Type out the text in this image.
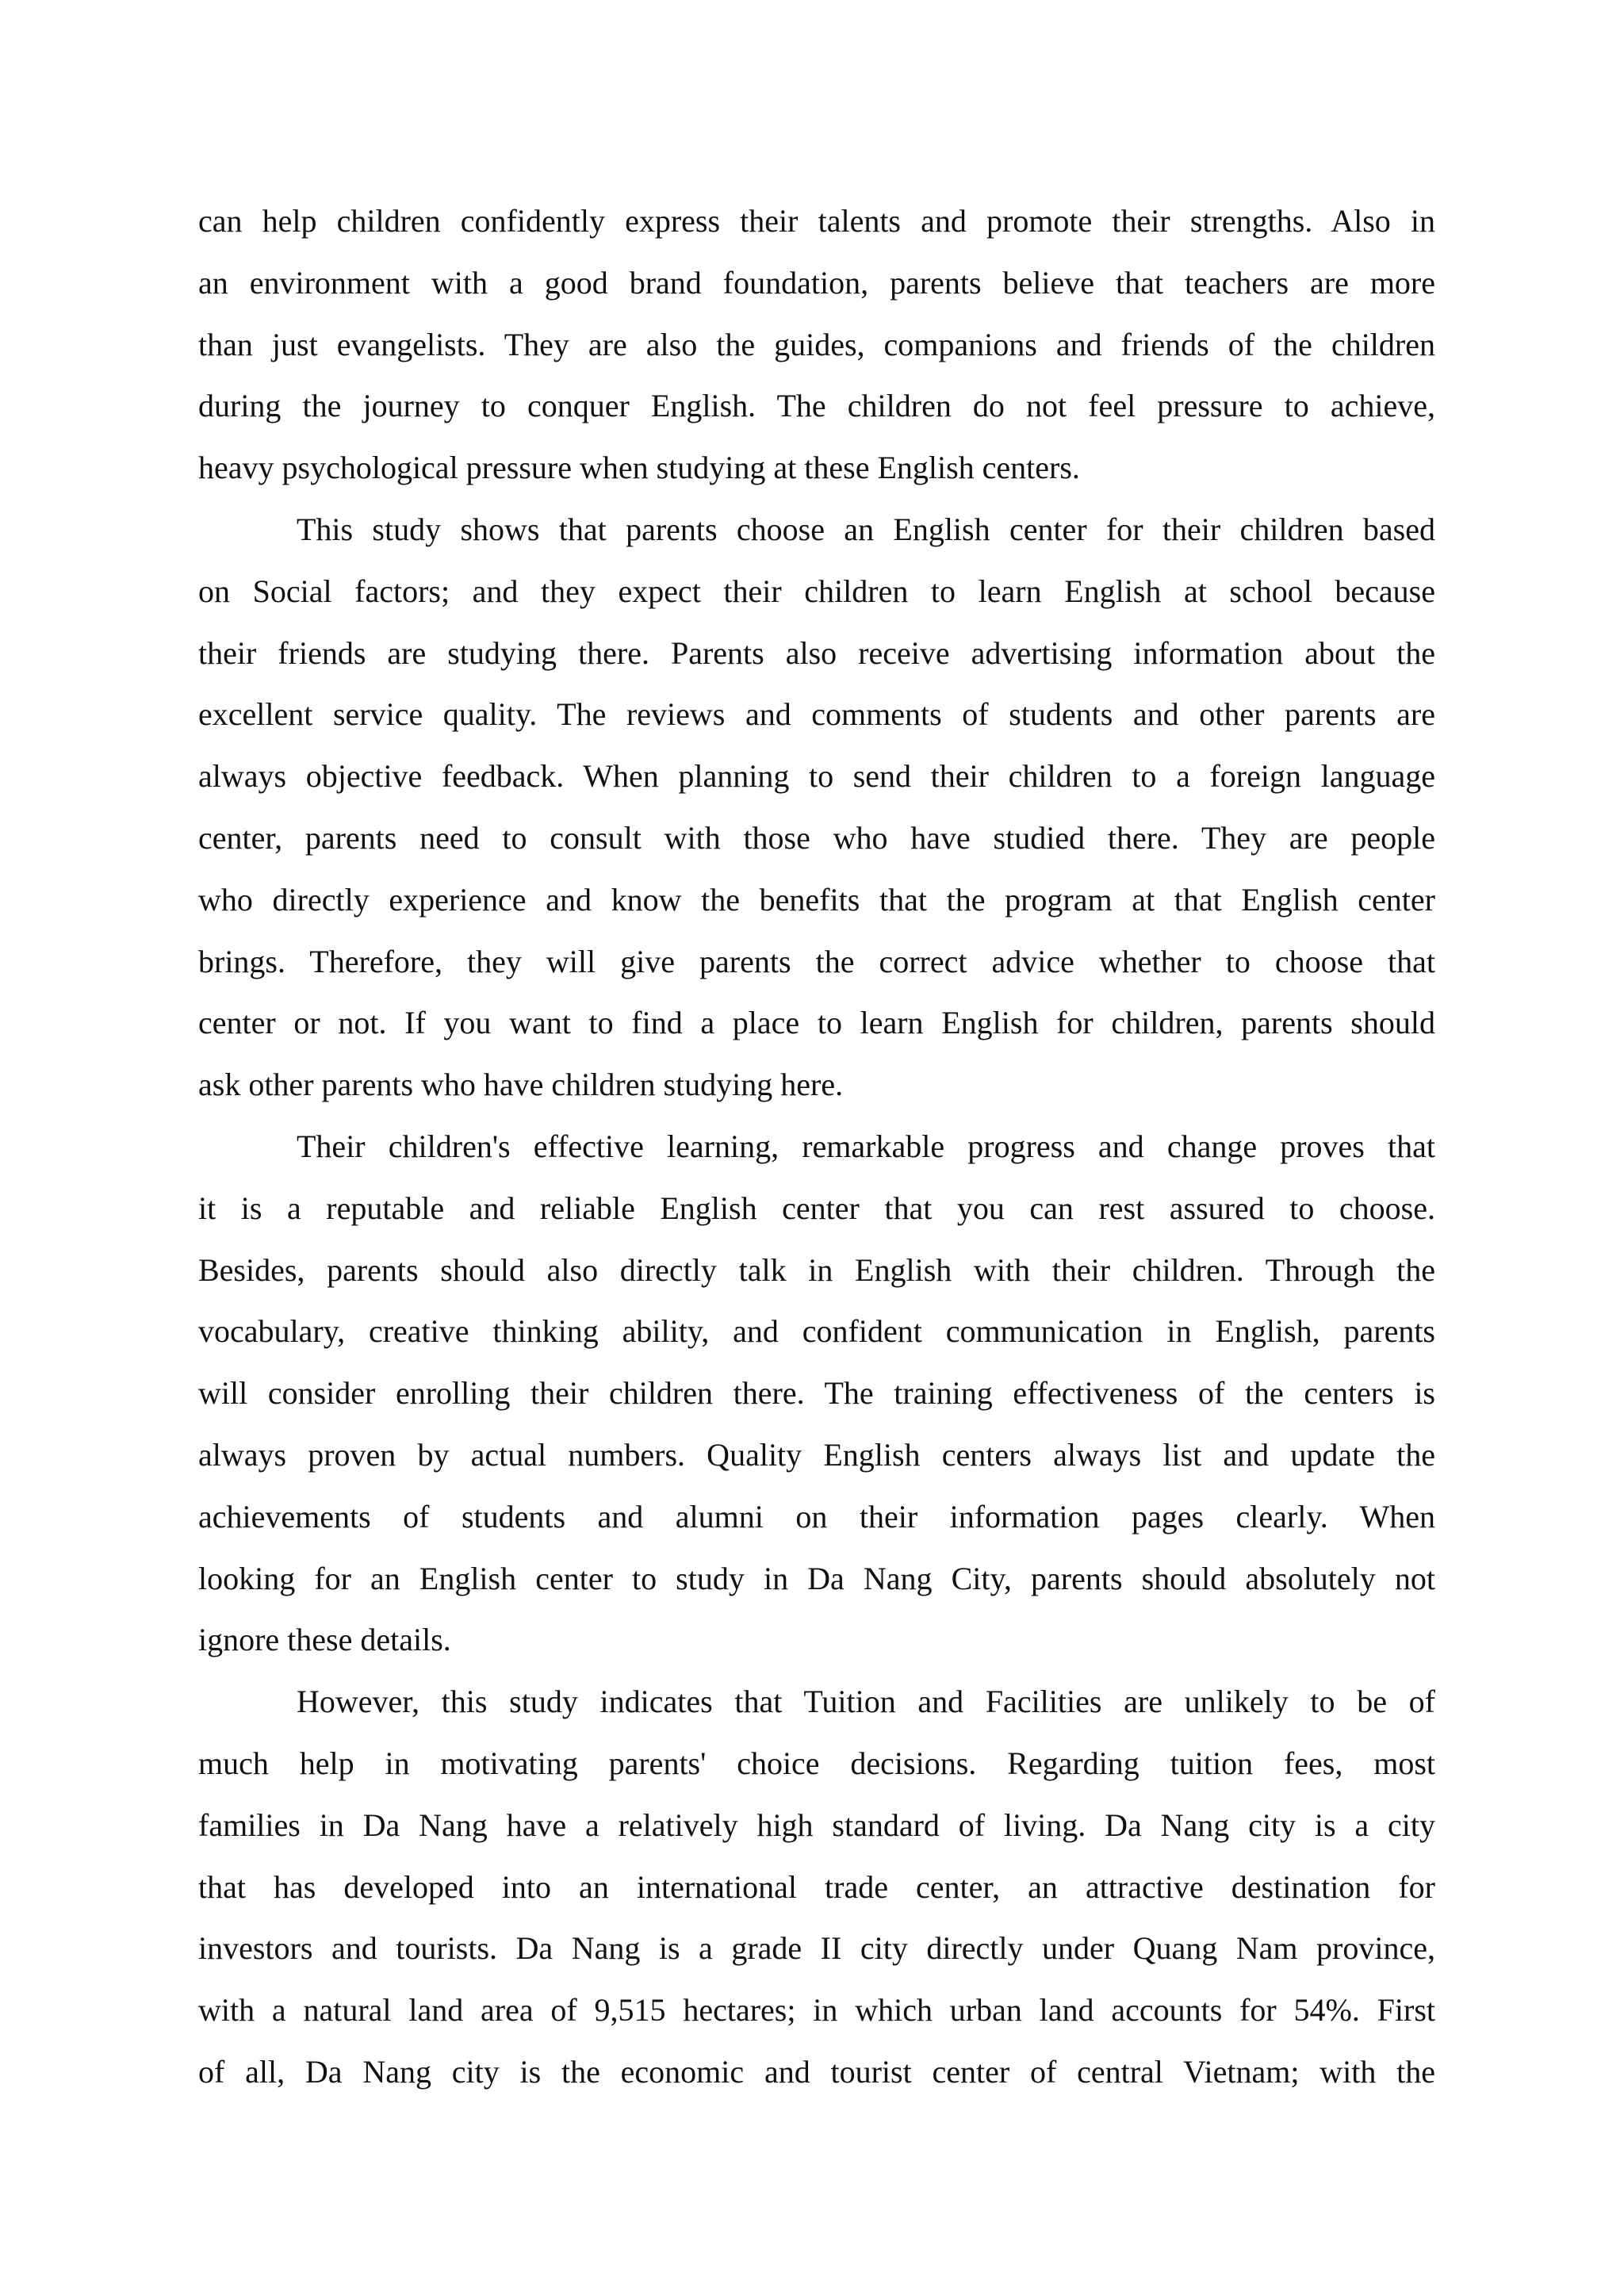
can help children confidently express their talents and promote their strengths. Also in
an environment with a good brand foundation, parents believe that teachers are more
than just evangelists. They are also the guides, companions and friends of the children
during the journey to conquer English. The children do not feel pressure to achieve,
heavy psychological pressure when studying at these English centers.
This study shows that parents choose an English center for their children based
on Social factors; and they expect their children to learn English at school because
their friends are studying there. Parents also receive advertising information about the
excellent service quality. The reviews and comments of students and other parents are
always objective feedback. When planning to send their children to a foreign language
center, parents need to consult with those who have studied there. They are people
who directly experience and know the benefits that the program at that English center
brings. Therefore, they will give parents the correct advice whether to choose that
center or not. If you want to find a place to learn English for children, parents should
ask other parents who have children studying here.
Their children's effective learning, remarkable progress and change proves that
it is a reputable and reliable English center that you can rest assured to choose.
Besides, parents should also directly talk in English with their children. Through the
vocabulary, creative thinking ability, and confident communication in English, parents
will consider enrolling their children there. The training effectiveness of the centers is
always proven by actual numbers. Quality English centers always list and update the
achievements of students and alumni on their information pages clearly. When
looking for an English center to study in Da Nang City, parents should absolutely not
ignore these details.
However, this study indicates that Tuition and Facilities are unlikely to be of
much help in motivating parents' choice decisions. Regarding tuition fees, most
families in Da Nang have a relatively high standard of living. Da Nang city is a city
that has developed into an international trade center, an attractive destination for
investors and tourists. Da Nang is a grade II city directly under Quang Nam province,
with a natural land area of 9,515 hectares; in which urban land accounts for 54%. First
of all, Da Nang city is the economic and tourist center of central Vietnam; with the
